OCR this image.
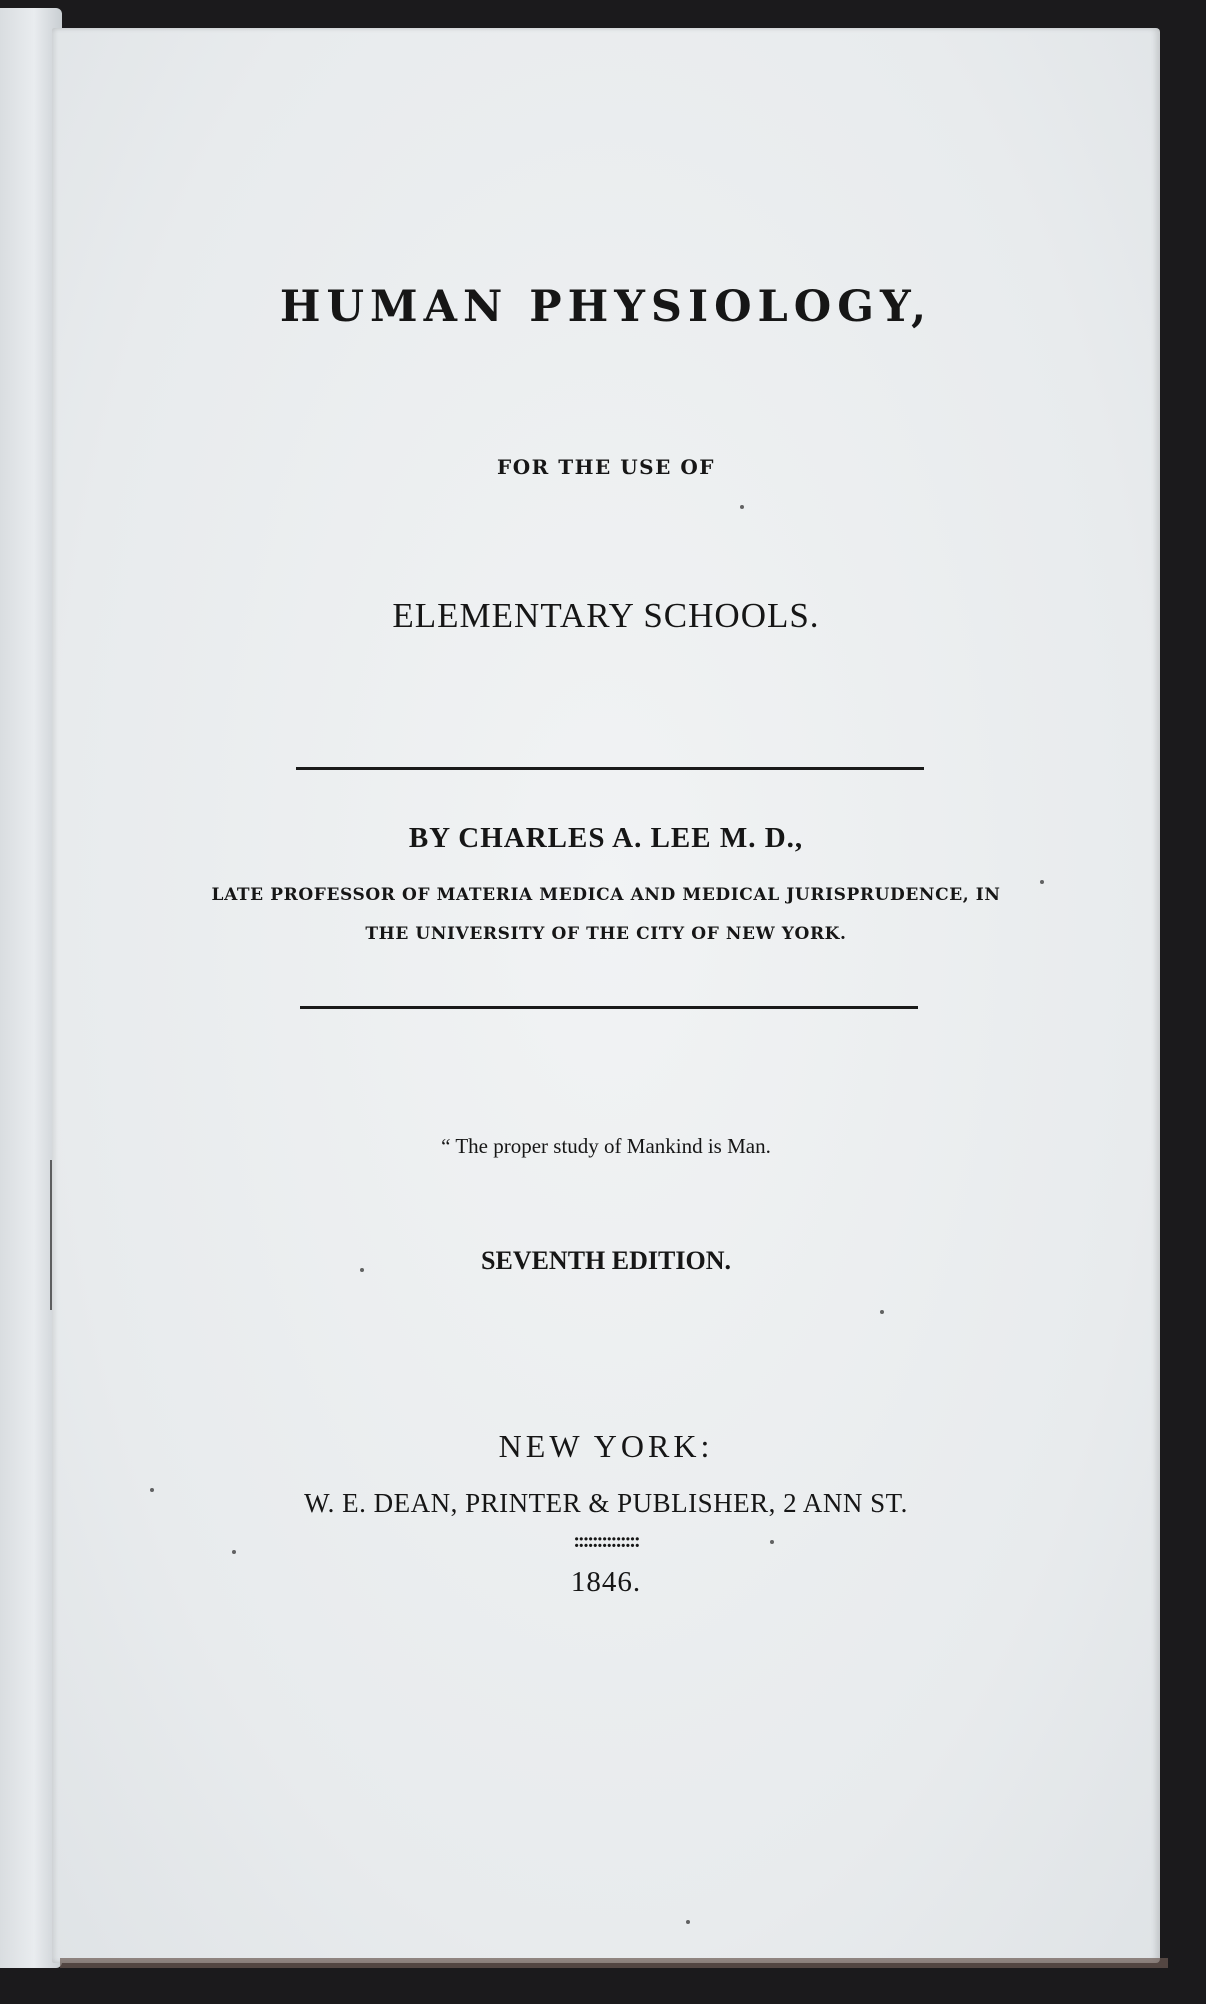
HUMAN PHYSIOLOGY,
FOR THE USE OF
ELEMENTARY SCHOOLS.
BY CHARLES A. LEE M. D.,
LATE PROFESSOR OF MATERIA MEDICA AND MEDICAL JURISPRUDENCE, IN
THE UNIVERSITY OF THE CITY OF NEW YORK.
“ The proper study of Mankind is Man.
SEVENTH EDITION.
NEW YORK:
W. E. DEAN, PRINTER & PUBLISHER, 2 ANN ST.
::::::::::::::
1846.
